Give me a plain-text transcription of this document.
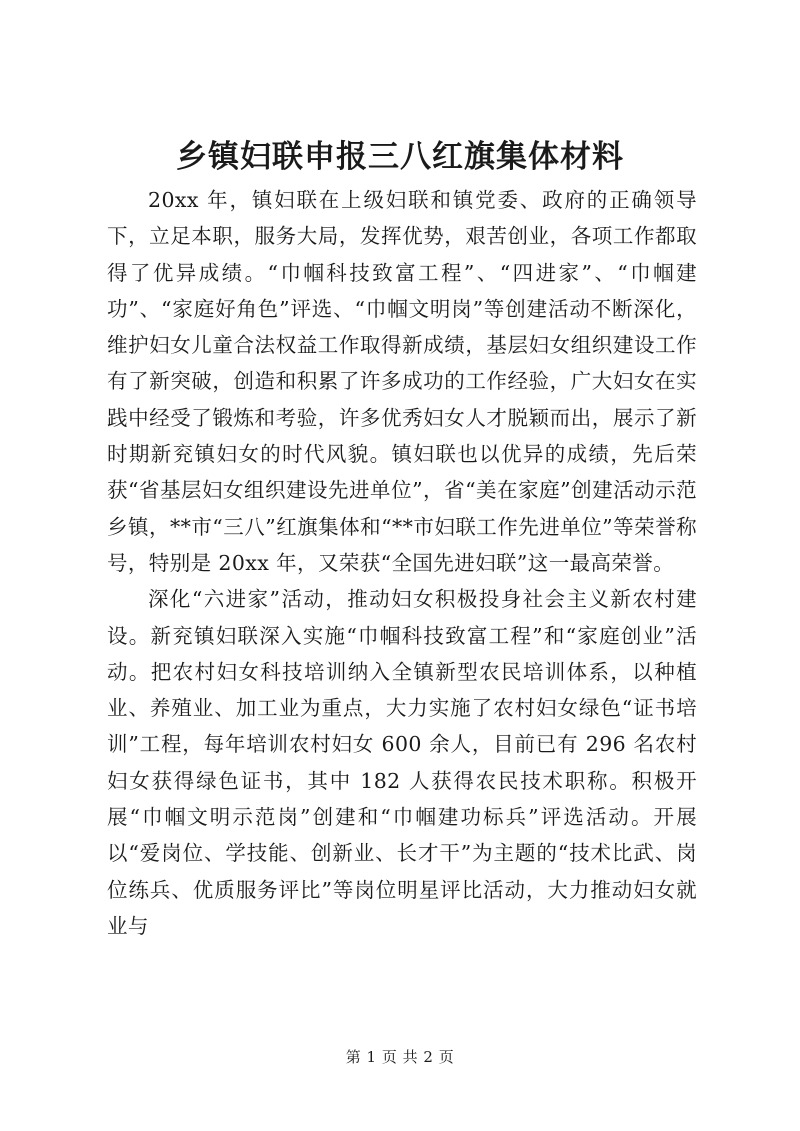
乡镇妇联申报三八红旗集体材料

20xx 年，镇妇联在上级妇联和镇党委、政府的正确领导下，立足本职，服务大局，发挥优势，艰苦创业，各项工作都取得了优异成绩。“巾帼科技致富工程”、“四进家”、“巾帼建功”、“家庭好角色”评选、“巾帼文明岗”等创建活动不断深化，维护妇女儿童合法权益工作取得新成绩，基层妇女组织建设工作有了新突破，创造和积累了许多成功的工作经验，广大妇女在实践中经受了锻炼和考验，许多优秀妇女人才脱颖而出，展示了新时期新兖镇妇女的时代风貌。镇妇联也以优异的成绩，先后荣获“省基层妇女组织建设先进单位”，省“美在家庭”创建活动示范乡镇，**市“三八”红旗集体和“**市妇联工作先进单位”等荣誉称号，特别是 20xx 年，又荣获“全国先进妇联”这一最高荣誉。

深化“六进家”活动，推动妇女积极投身社会主义新农村建设。新兖镇妇联深入实施“巾帼科技致富工程”和“家庭创业”活动。把农村妇女科技培训纳入全镇新型农民培训体系，以种植业、养殖业、加工业为重点，大力实施了农村妇女绿色“证书培训”工程，每年培训农村妇女 600 余人，目前已有 296 名农村妇女获得绿色证书，其中 182 人获得农民技术职称。积极开展“巾帼文明示范岗”创建和“巾帼建功标兵”评选活动。开展以“爱岗位、学技能、创新业、长才干”为主题的“技术比武、岗位练兵、优质服务评比”等岗位明星评比活动，大力推动妇女就业与

第 1 页 共 2 页
